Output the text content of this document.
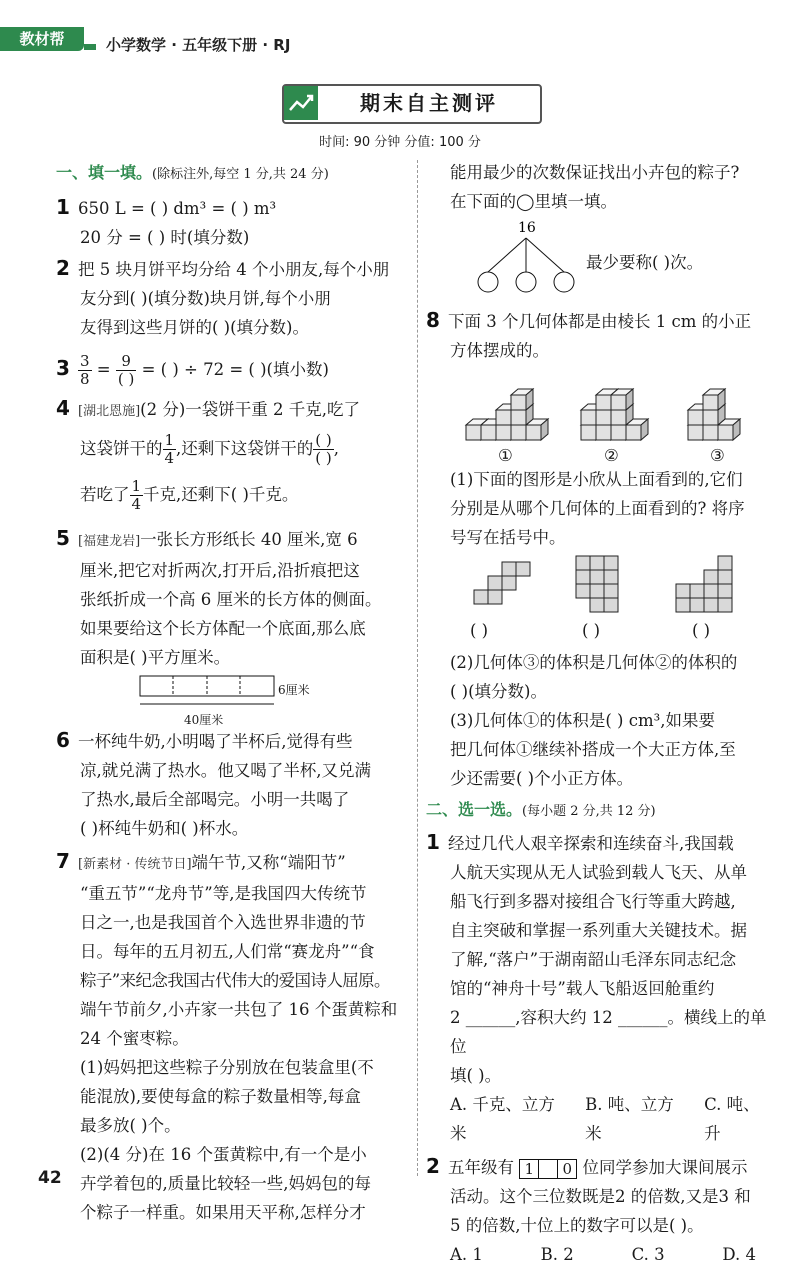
教材帮	小学数学 · 五年级下册 · RJ
期末自主测评
时间: 90 分钟 分值: 100 分

一、填一填。(除标注外,每空 1 分,共 24 分)

1 650 L = ( ) dm³ = ( ) m³

20 分 = ( ) 时(填分数)

2 把 5 块月饼平均分给 4 个小朋友,每个小朋

友分到( )(填分数)块月饼,每个小朋

友得到这些月饼的( )(填分数)。

$3 \frac{3}{8} = \frac{9}{( )}$ = ( ) ÷ 72 = ( )(填小数)

4 [湖北恩施](2 分)一袋饼干重 2 千克,吃了

这袋饼干的 $\frac{1}{4}$ ,还剩下这袋饼干的 $\frac{( )}{( )}$ ,

若吃了 $\frac{1}{4}$ 千克,还剩下( )千克。

5 [福建龙岩]一张长方形纸长 40 厘米,宽 6

厘米,把它对折两次,打开后,沿折痕把这

张纸折成一个高 6 厘米的长方体的侧面。

如果要给这个长方体配一个底面,那么底

面积是( )平方厘米。

6厘米
40厘米

6 一杯纯牛奶,小明喝了半杯后,觉得有些

凉,就兑满了热水。他又喝了半杯,又兑满

了热水,最后全部喝完。小明一共喝了

( )杯纯牛奶和( )杯水。

7 [新素材 · 传统节日]端午节,又称“端阳节”

“重五节”“龙舟节”等,是我国四大传统节

日之一,也是我国首个入选世界非遗的节

日。每年的五月初五,人们常“赛龙舟”“食

粽子”来纪念我国古代伟大的爱国诗人屈原。

端午节前夕,小卉家一共包了 16 个蛋黄粽和

24 个蜜枣粽。

(1)妈妈把这些粽子分别放在包装盒里(不

能混放),要使每盒的粽子数量相等,每盒

最多放( )个。

(2)(4 分)在 16 个蛋黄粽中,有一个是小

卉学着包的,质量比较轻一些,妈妈包的每

个粽子一样重。如果用天平称,怎样分才

能用最少的次数保证找出小卉包的粽子?

在下面的◯里填一填。

16
最少要称( )次。

8 下面 3 个几何体都是由棱长 1 cm 的小正

方体摆成的。

①	②	③

(1)下面的图形是小欣从上面看到的,它们

分别是从哪个几何体的上面看到的? 将序

号写在括号中。

( )	( )	( )

(2)几何体③的体积是几何体②的体积的

( )(填分数)。

(3)几何体①的体积是( ) cm³,如果要

把几何体①继续补搭成一个大正方体,至

少还需要( )个小正方体。

二、选一选。(每小题 2 分,共 12 分)

1 经过几代人艰辛探索和连续奋斗,我国载

人航天实现从无人试验到载人飞天、从单

船飞行到多器对接组合飞行等重大跨越,

自主突破和掌握一系列重大关键技术。据

了解,“落户”于湖南韶山毛泽东同志纪念

馆的“神舟十号”载人飞船返回舱重约

2 ______,容积大约 12 ______。横线上的单位

填( )。

A. 千克、立方米
B. 吨、立方米
C. 吨、升

2 五年级有 1 0 位同学参加大课间展示

活动。这个三位数既是2 的倍数,又是3 和

5 的倍数,十位上的数字可以是( )。

A. 1	B. 2	C. 3	D. 4

42
